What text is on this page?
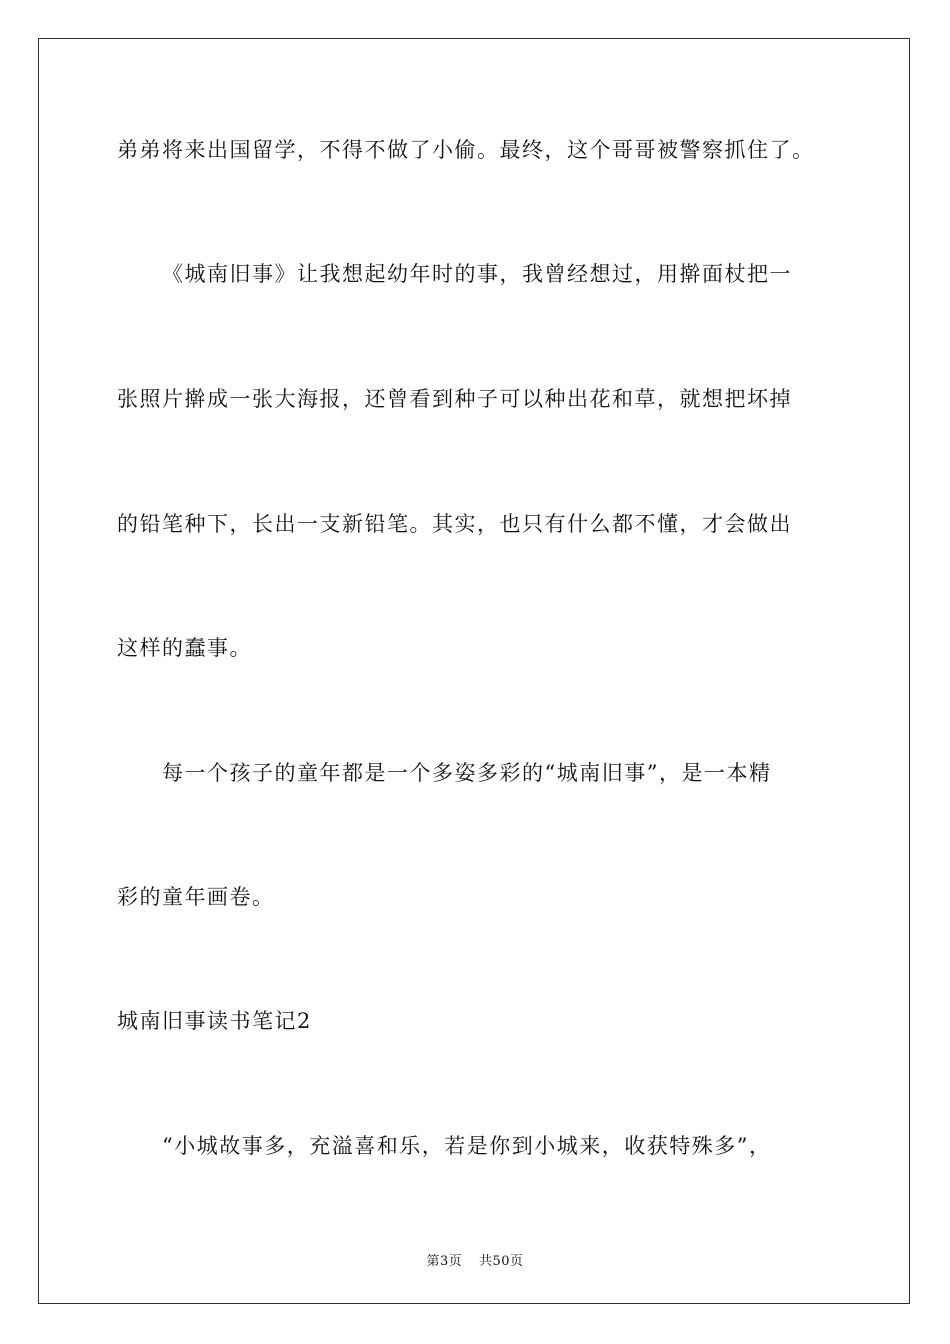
弟弟将来出国留学，不得不做了小偷。最终，这个哥哥被警察抓住了。
《城南旧事》让我想起幼年时的事，我曾经想过，用擀面杖把一
张照片擀成一张大海报，还曾看到种子可以种出花和草，就想把坏掉
的铅笔种下，长出一支新铅笔。其实，也只有什么都不懂，才会做出
这样的蠢事。
每一个孩子的童年都是一个多姿多彩的“城南旧事”，是一本精
彩的童年画卷。
城南旧事读书笔记2
“小城故事多，充溢喜和乐，若是你到小城来，收获特殊多”，
第3页 共50页
